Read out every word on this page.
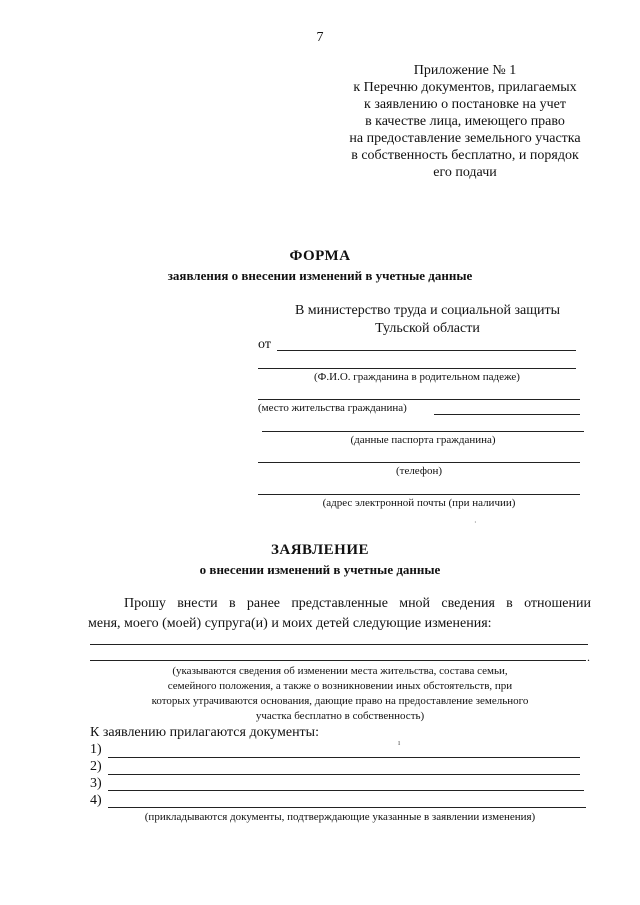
7
Приложение № 1
к Перечню документов, прилагаемых
к заявлению о постановке на учет
в качестве лица, имеющего право
на предоставление земельного участка
в собственность бесплатно, и порядок
его подачи
ФОРМА
заявления о внесении изменений в учетные данные
В министерство труда и социальной защиты
Тульской области
от
(Ф.И.О. гражданина в родительном падеже)
(место жительства гражданина)
(данные паспорта гражданина)
(телефон)
(адрес электронной почты (при наличии)
·
ЗАЯВЛЕНИЕ
о внесении изменений в учетные данные
Прошу внести в ранее представленные мной сведения в отношении
меня, моего (моей) супруга(и) и моих детей следующие изменения:
.
(указываются сведения об изменении места жительства, состава семьи,
семейного положения, а также о возникновении иных обстоятельств, при
которых утрачиваются основания, дающие право на предоставление земельного
участка бесплатно в собственность)
К заявлению прилагаются документы:
ı
1)
2)
3)
4)
(прикладываются документы, подтверждающие указанные в заявлении изменения)
